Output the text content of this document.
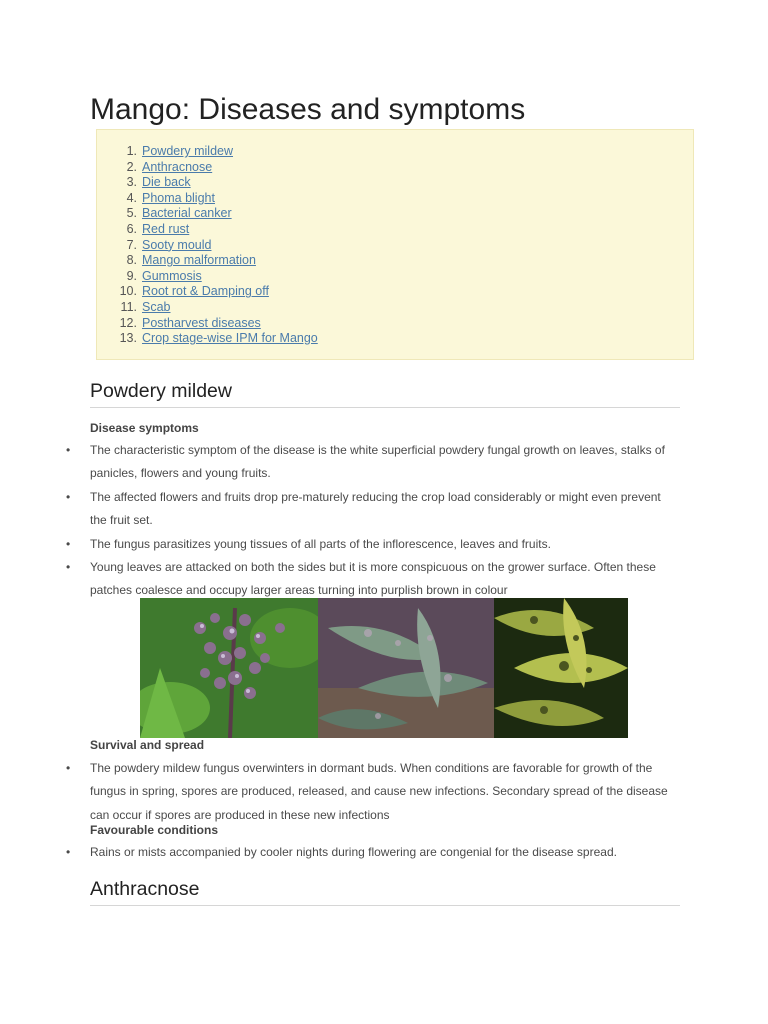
Mango: Diseases and symptoms
1. Powdery mildew
2. Anthracnose
3. Die back
4. Phoma blight
5. Bacterial canker
6. Red rust
7. Sooty mould
8. Mango malformation
9. Gummosis
10. Root rot & Damping off
11. Scab
12. Postharvest diseases
13. Crop stage-wise IPM for Mango
Powdery mildew
Disease symptoms
• The characteristic symptom of the disease is the white superficial powdery fungal growth on leaves, stalks of panicles, flowers and young fruits.
• The affected flowers and fruits drop pre-maturely reducing the crop load considerably or might even prevent the fruit set.
• The fungus parasitizes young tissues of all parts of the inflorescence, leaves and fruits.
• Young leaves are attacked on both the sides but it is more conspicuous on the grower surface. Often these patches coalesce and occupy larger areas turning into purplish brown in colour
Survival and spread
• The powdery mildew fungus overwinters in dormant buds. When conditions are favorable for growth of the fungus in spring, spores are produced, released, and cause new infections. Secondary spread of the disease can occur if spores are produced in these new infections
Favourable conditions
• Rains or mists accompanied by cooler nights during flowering are congenial for the disease spread.
Anthracnose
